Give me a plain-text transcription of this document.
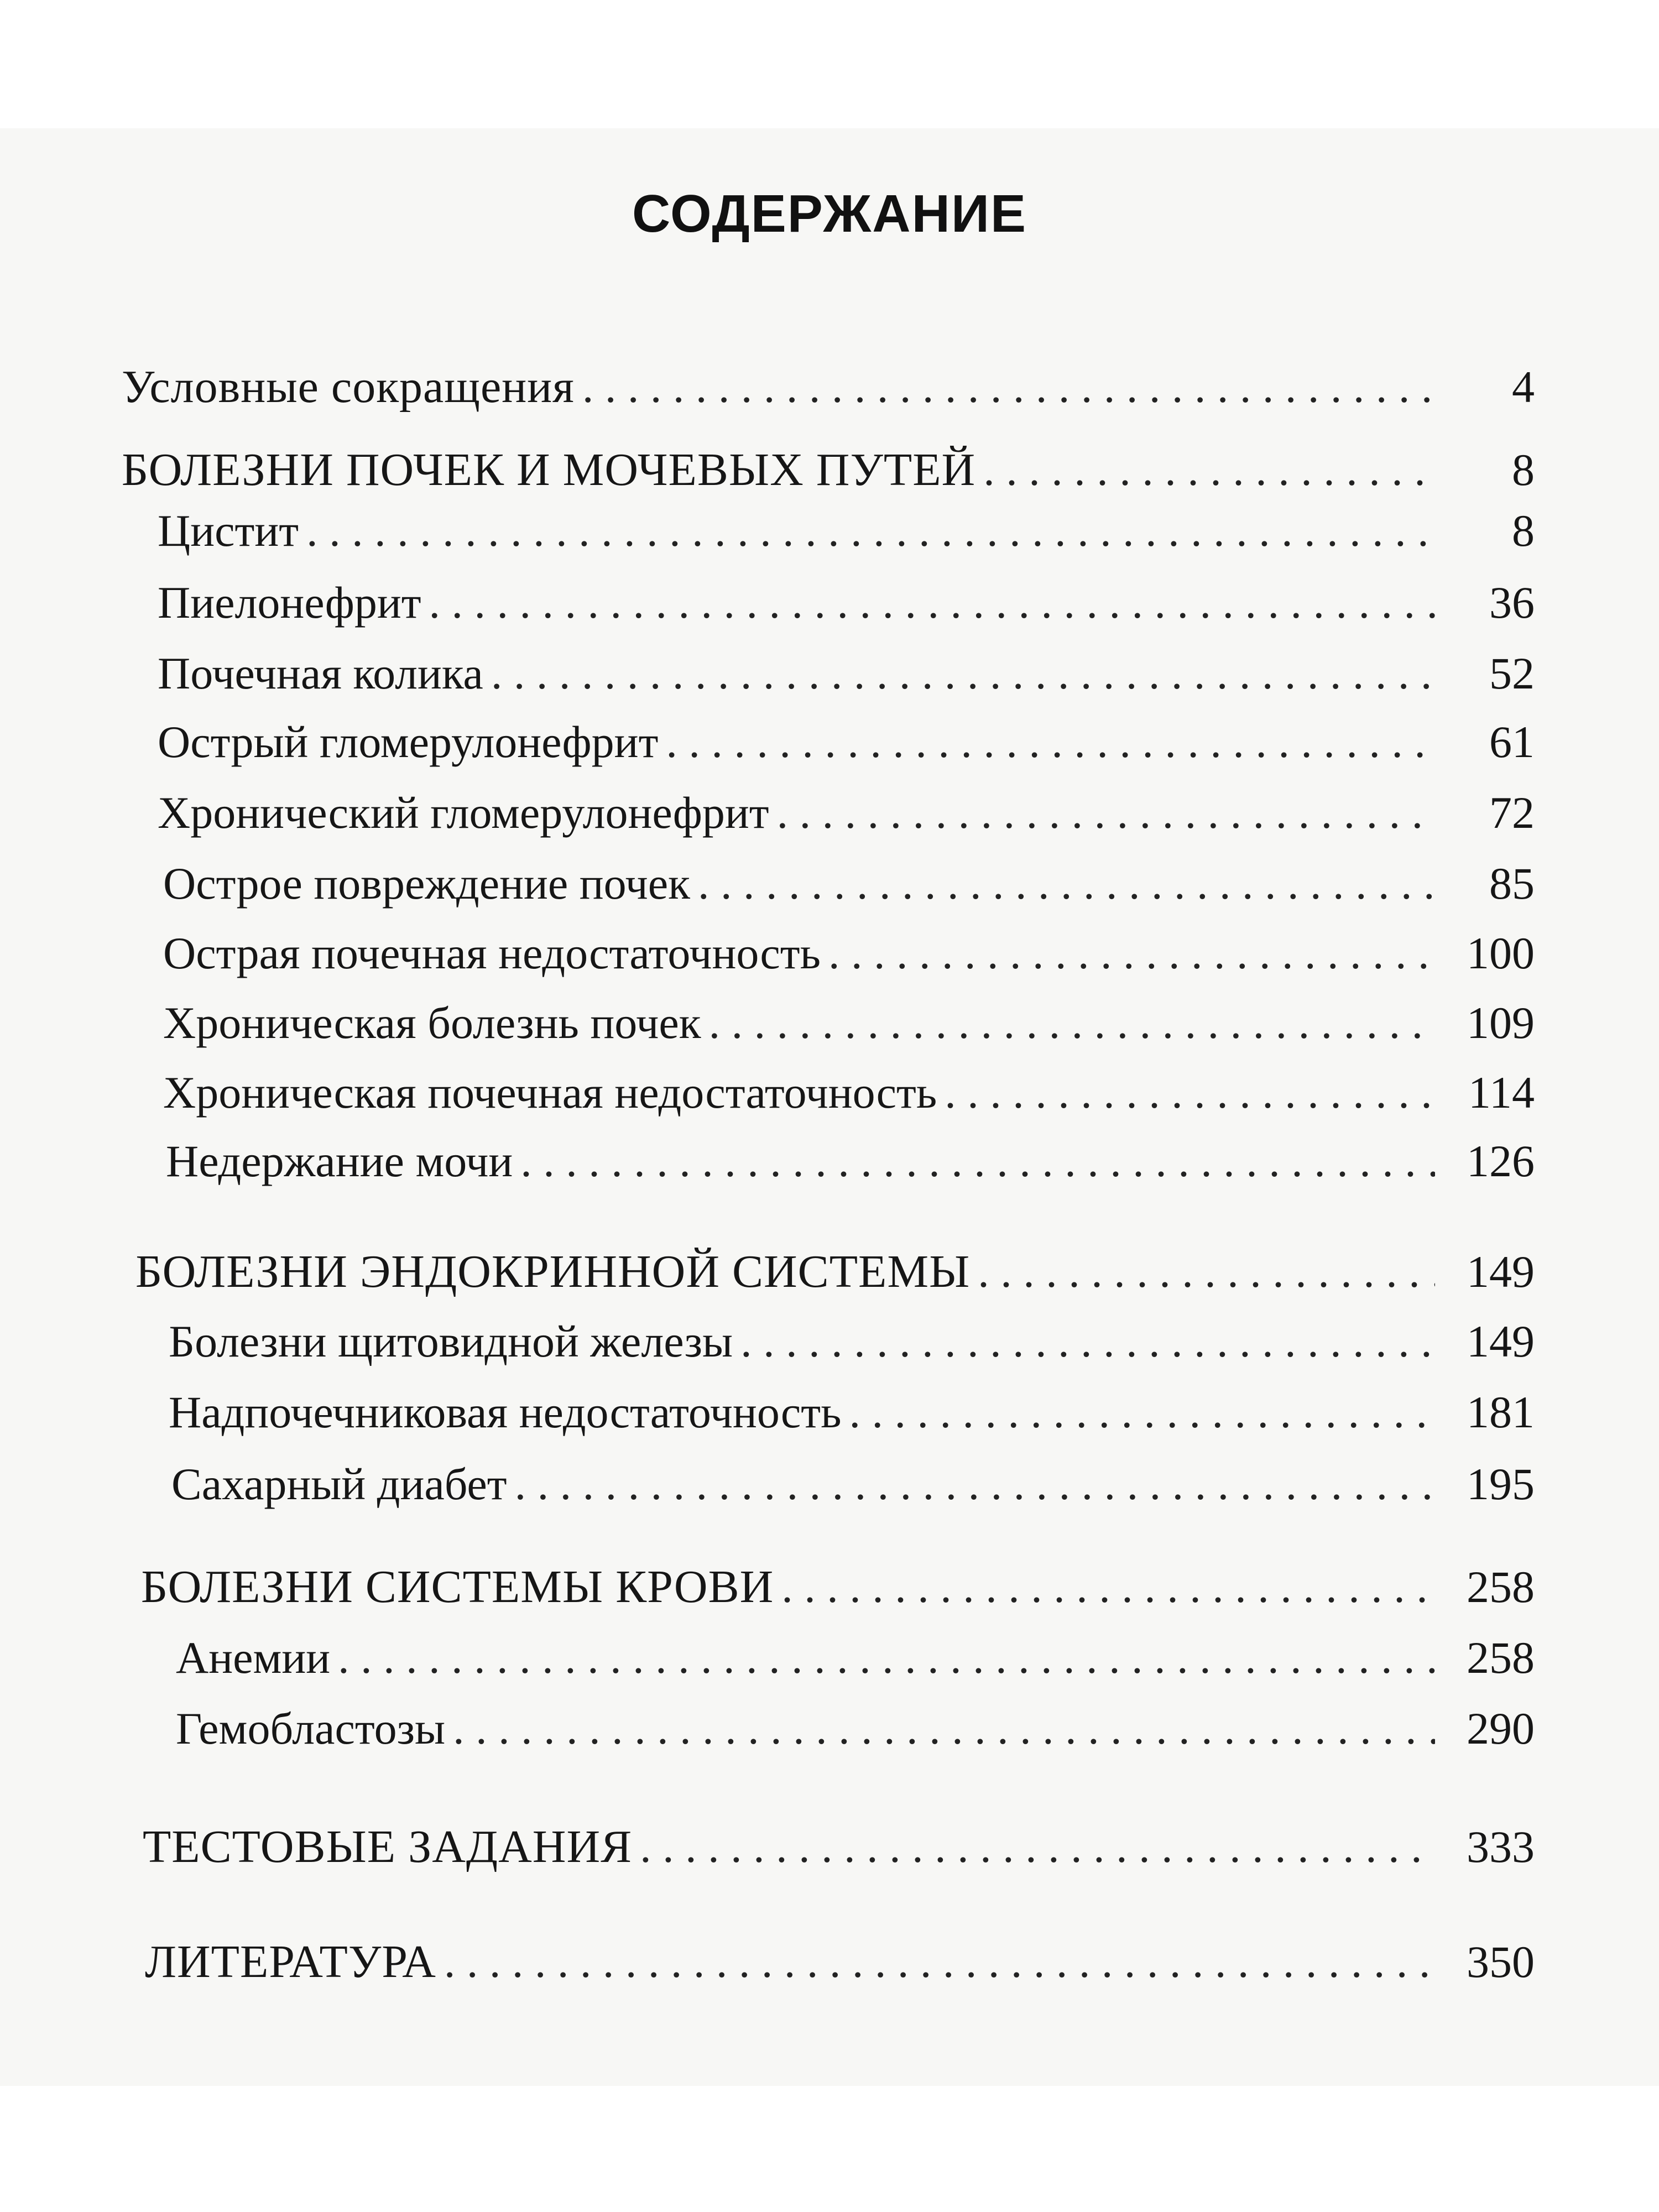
СОДЕРЖАНИЕ
Условные сокращения . . .	4
БОЛЕЗНИ ПОЧЕК И МОЧЕВЫХ ПУТЕЙ . . .	8
Цистит . . .	8
Пиелонефрит . . .	36
Почечная колика . . .	52
Острый гломерулонефрит . . .	61
Хронический гломерулонефрит . . .	72
Острое повреждение почек . . .	85
Острая почечная недостаточность . . .	100
Хроническая болезнь почек . . .	109
Хроническая почечная недостаточность . . .	114
Недержание мочи . . .	126
БОЛЕЗНИ ЭНДОКРИННОЙ СИСТЕМЫ . . .	149
Болезни щитовидной железы . . .	149
Надпочечниковая недостаточность . . .	181
Сахарный диабет . . .	195
БОЛЕЗНИ СИСТЕМЫ КРОВИ . . .	258
Анемии . . .	258
Гемобластозы . . .	290
ТЕСТОВЫЕ ЗАДАНИЯ . . .	333
ЛИТЕРАТУРА . . .	350
